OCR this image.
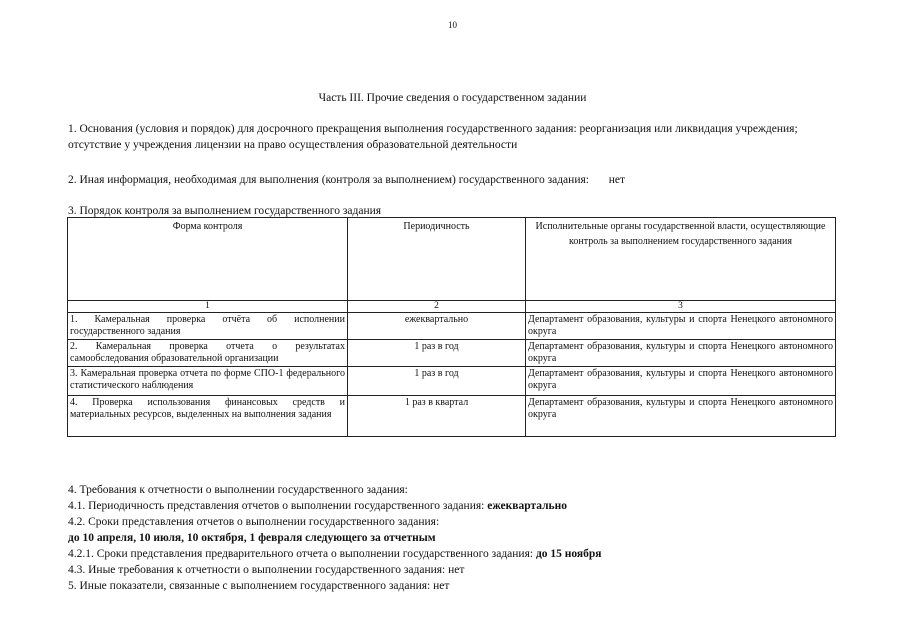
10
Часть III. Прочие сведения о государственном задании
1. Основания (условия и порядок) для досрочного прекращения выполнения государственного задания: реорганизация или ликвидация учреждения; отсутствие у учреждения лицензии на право осуществления образовательной деятельности
2. Иная информация, необходимая для выполнения (контроля за выполнением) государственного задания: нет
3. Порядок контроля за выполнением государственного задания
Форма контроля	Периодичность	Исполнительные органы государственной власти, осуществляющие контроль за выполнением государственного задания
1	2	3
1. Камеральная проверка отчёта об исполнении государственного задания	ежеквартально	Департамент образования, культуры и спорта Ненецкого автономного округа
2. Камеральная проверка отчета о результатах самообследования образовательной организации	1 раз в год	Департамент образования, культуры и спорта Ненецкого автономного округа
3. Камеральная проверка отчета по форме СПО-1 федерального статистического наблюдения	1 раз в год	Департамент образования, культуры и спорта Ненецкого автономного округа
4. Проверка использования финансовых средств и материальных ресурсов, выделенных на выполнения задания	1 раз в квартал	Департамент образования, культуры и спорта Ненецкого автономного округа
4. Требования к отчетности о выполнении государственного задания:
4.1. Периодичность представления отчетов о выполнении государственного задания: ежеквартально
4.2. Сроки представления отчетов о выполнении государственного задания:
до 10 апреля, 10 июля, 10 октября, 1 февраля следующего за отчетным
4.2.1. Сроки представления предварительного отчета о выполнении государственного задания: до 15 ноября
4.3. Иные требования к отчетности о выполнении государственного задания: нет
5. Иные показатели, связанные с выполнением государственного задания: нет
